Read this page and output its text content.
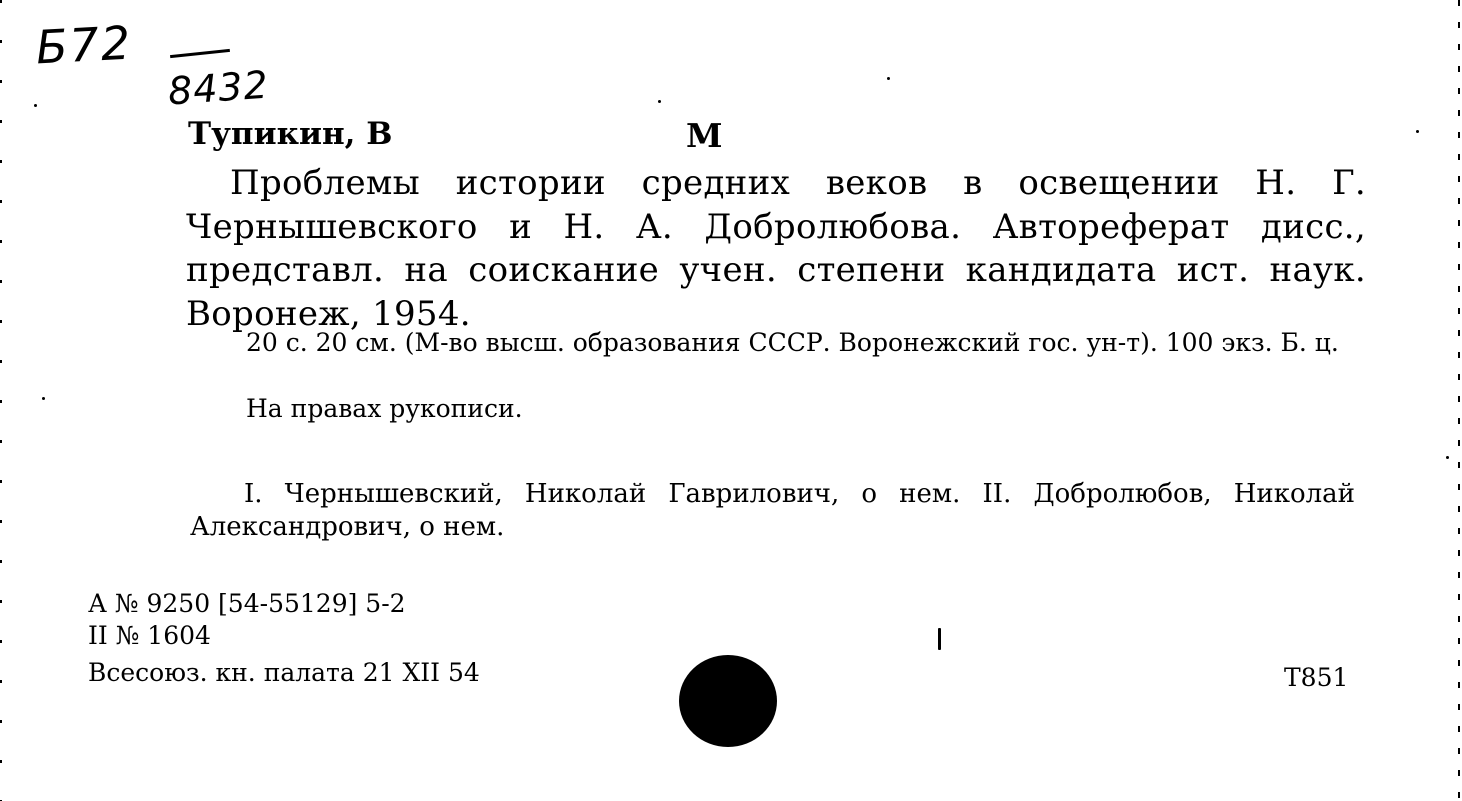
Б72
8432
Тупикин, В	М
Проблемы истории средних веков в освещении Н. Г. Чернышевского и Н. А. Добролюбова. Автореферат дисс., представл. на соискание учен. степени кандидата ист. наук. Воронеж, 1954.
20 с. 20 см. (М-во высш. образования СССР. Воронежский гос. ун-т). 100 экз. Б. ц.
На правах рукописи.
I. Чернышевский, Николай Гаврилович, о нем. II. Добролюбов, Николай Александрович, о нем.
А № 9250 [54-55129] 5-2
II № 1604
Всесоюз. кн. палата 21 XII 54	Т851
